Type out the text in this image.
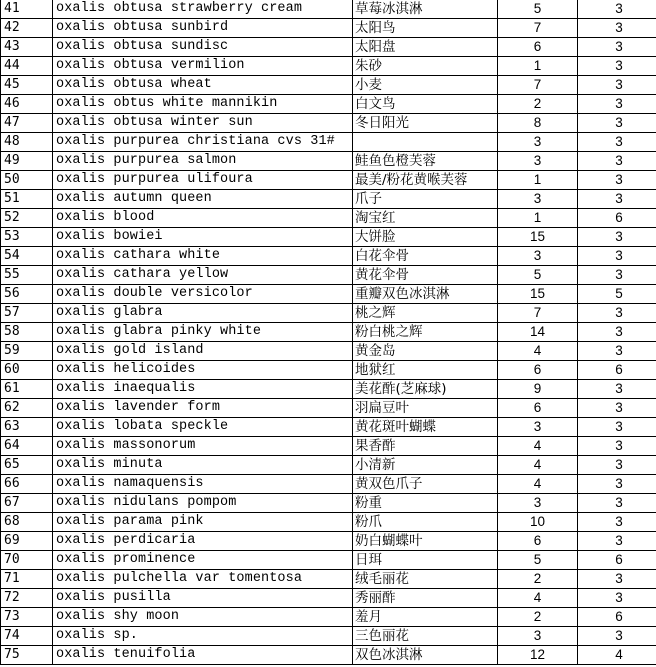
41	oxalis obtusa strawberry cream	草莓冰淇淋	5	3
42	oxalis obtusa sunbird	太阳鸟	7	3
43	oxalis obtusa sundisc	太阳盘	6	3
44	oxalis obtusa vermilion	朱砂	1	3
45	oxalis obtusa wheat	小麦	7	3
46	oxalis obtus white mannikin	白文鸟	2	3
47	oxalis obtusa winter sun	冬日阳光	8	3
48	oxalis purpurea christiana cvs 31#		3	3
49	oxalis purpurea salmon	鲑鱼色橙芙蓉	3	3
50	oxalis purpurea ulifoura	最美/粉花黄喉芙蓉	1	3
51	oxalis autumn queen	爪子	3	3
52	oxalis blood	淘宝红	1	6
53	oxalis bowiei	大饼脸	15	3
54	oxalis cathara white	白花伞骨	3	3
55	oxalis cathara yellow	黄花伞骨	5	3
56	oxalis double versicolor	重瓣双色冰淇淋	15	5
57	oxalis glabra	桃之辉	7	3
58	oxalis glabra pinky white	粉白桃之辉	14	3
59	oxalis gold island	黄金岛	4	3
60	oxalis helicoides	地狱红	6	6
61	oxalis inaequalis	美花酢(芝麻球)	9	3
62	oxalis lavender form	羽扁豆叶	6	3
63	oxalis lobata speckle	黄花斑叶蝴蝶	3	3
64	oxalis massonorum	果香酢	4	3
65	oxalis minuta	小清新	4	3
66	oxalis namaquensis	黄双色爪子	4	3
67	oxalis nidulans pompom	粉重	3	3
68	oxalis parama pink	粉爪	10	3
69	oxalis perdicaria	奶白蝴蝶叶	6	3
70	oxalis prominence	日珥	5	6
71	oxalis pulchella var tomentosa	绒毛丽花	2	3
72	oxalis pusilla	秀丽酢	4	3
73	oxalis shy moon	羞月	2	6
74	oxalis sp.	三色丽花	3	3
75	oxalis tenuifolia	双色冰淇淋	12	4
